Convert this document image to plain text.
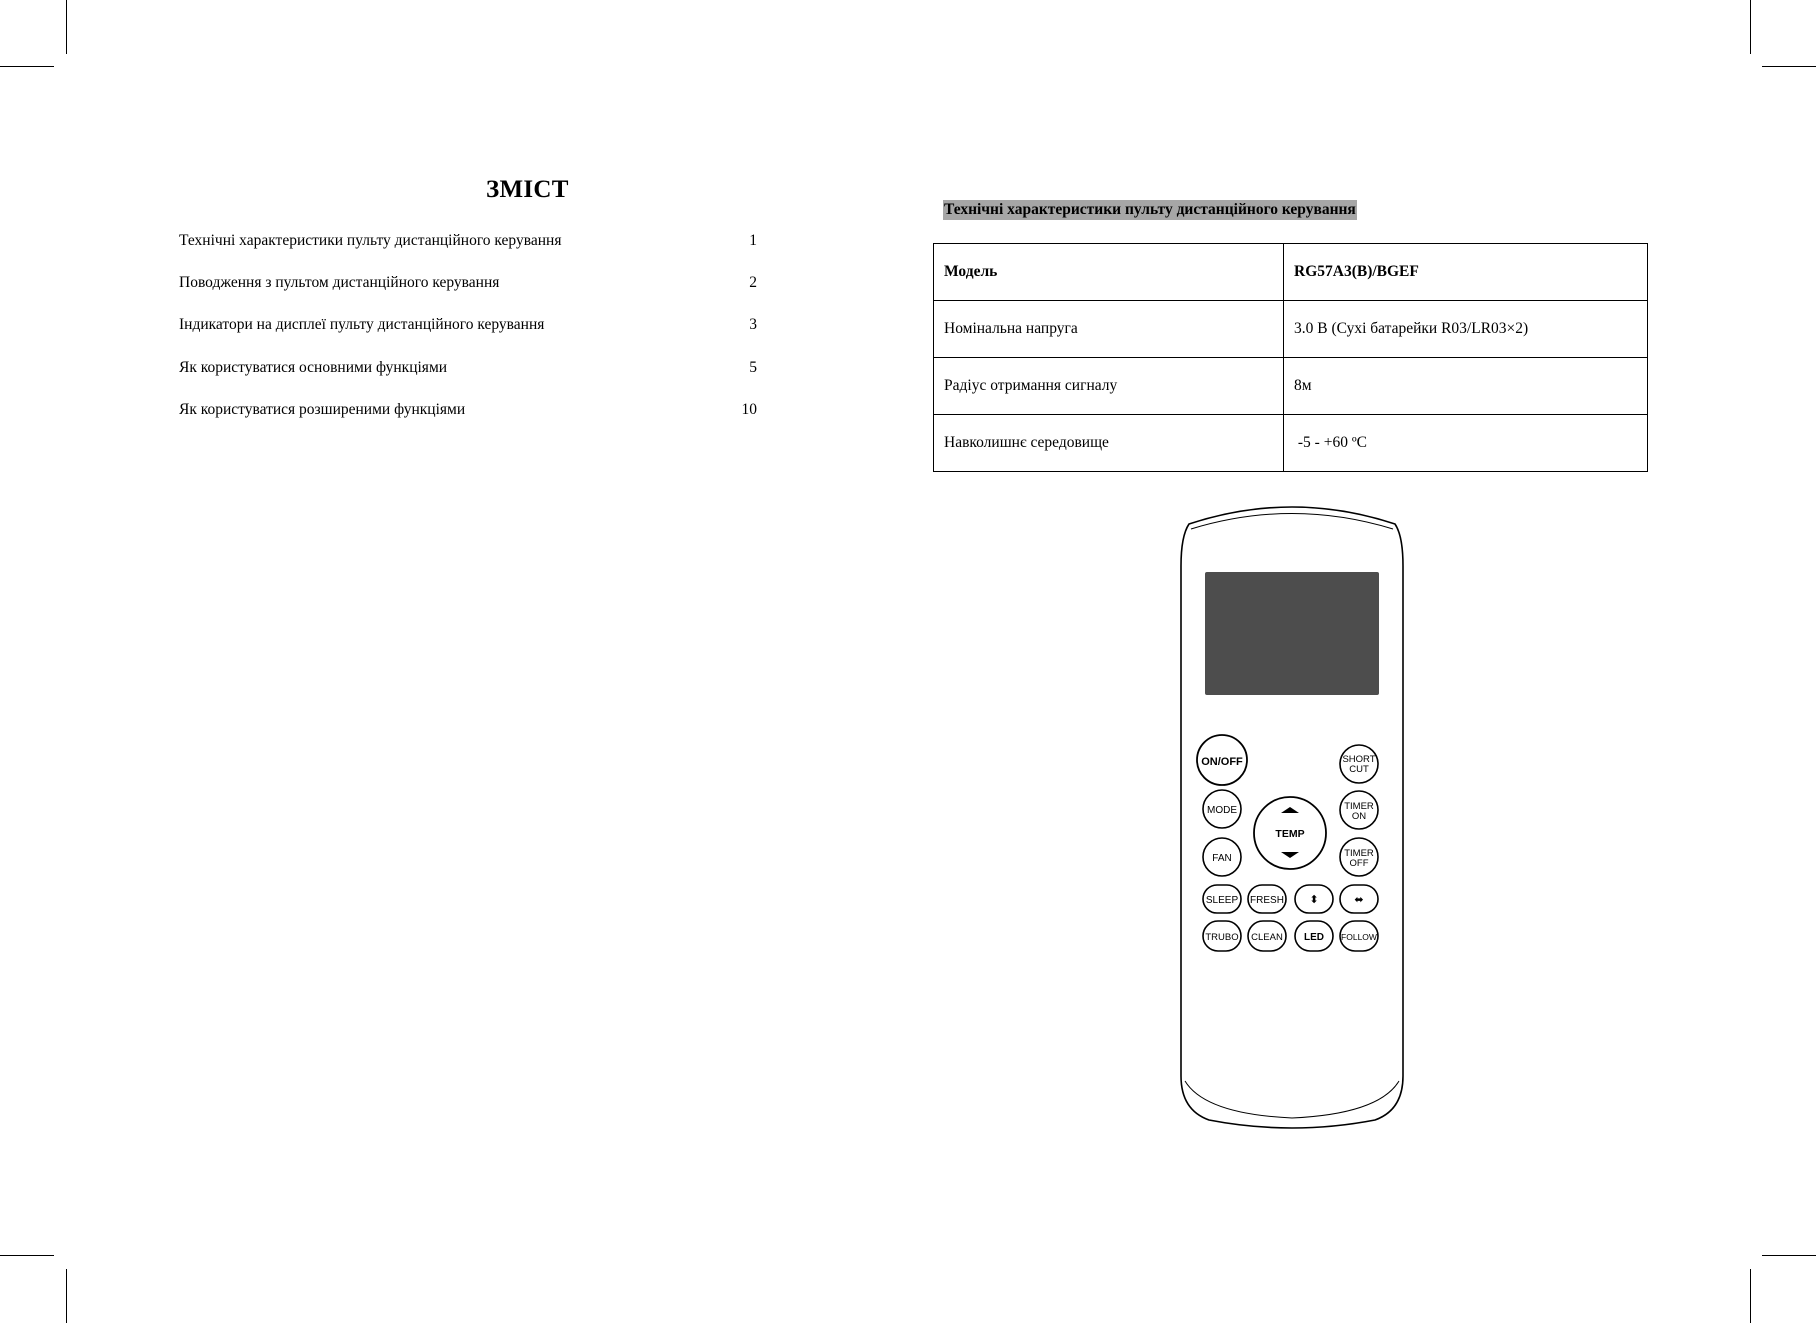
ЗМІСТ
Технічні характеристики пульту дистанційного керування	1
Поводження з пультом дистанційного керування	2
Індикатори на дисплеї пульту дистанційного керування	3
Як користуватися основними функціями	5
Як користуватися розширеними функціями	10
Технічні характеристики пульту дистанційного керування
Модель	RG57A3(B)/BGEF
Номінальна напруга	3.0 В (Сухі батарейки R03/LR03×2)
Радіус отримання сигналу	8м
Навколишнє середовище	-5 - +60 ºC
ON/OFF	SHORT
CUT
MODE
TEMP
TIMER
ON
FAN	TIMER
OFF
SLEEP FRESH ⬍	⬌
TRUBO CLEAN LED FOLLOW
